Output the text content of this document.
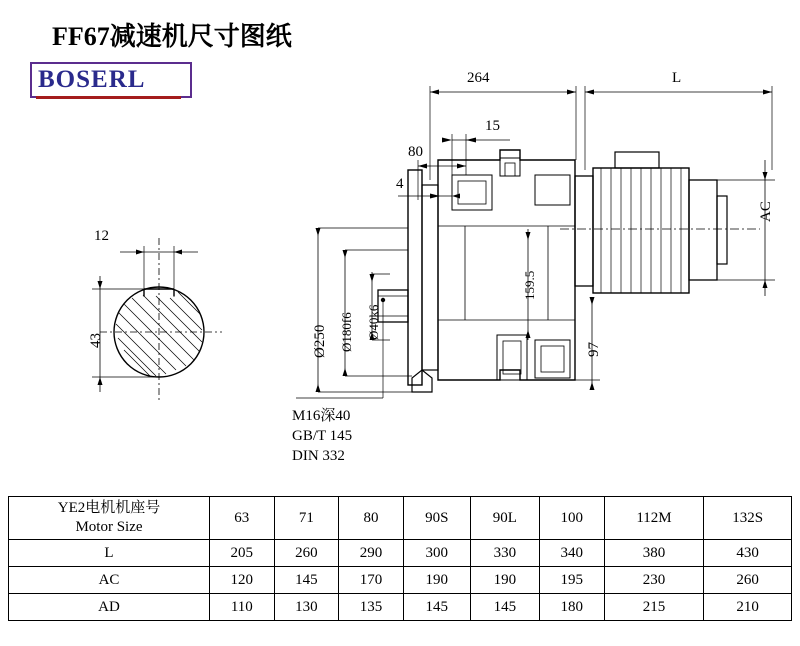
FF67减速机尺寸图纸
BOSERL
12
43
264	L
15
80
4
Ø250 Ø180f6 Ø40k6
AC
159.5
97
M16深40
GB/T 145
DIN 332
YE2电机机座号
Motor Size	63	71	80	90S	90L	100	112M	132S
L	205	260	290	300	330	340	380	430
AC	120	145	170	190	190	195	230	260
AD	110	130	135	145	145	180	215	210
